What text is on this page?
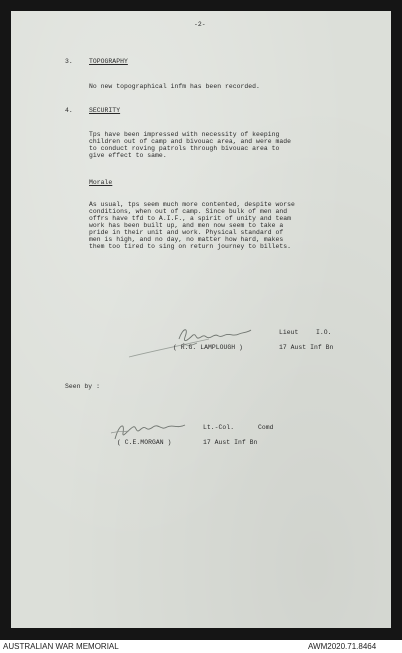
-2-
3.	TOPOGRAPHY
No new topographical infm has been recorded.
4.	SECURITY
Tps have been impressed with necessity of keeping
children out of camp and bivouac area, and were made
to conduct roving patrols through bivouac area to
give effect to same.
Morale
As usual, tps seem much more contented, despite worse
conditions, when out of camp. Since bulk of men and
offrs have tfd to A.I.F., a spirit of unity and team
work has been built up, and men now seem to take a
pride in their unit and work. Physical standard of
men is high, and no day, no matter how hard, makes
them too tired to sing on return journey to billets.
Lieut	I.O.
( R.G. LAMPLOUGH )	17 Aust Inf Bn
Seen by :
Lt.-Col.	Comd
( C.E.MORGAN )	17 Aust Inf Bn
AUSTRALIAN WAR MEMORIAL	AWM2020.71.8464
